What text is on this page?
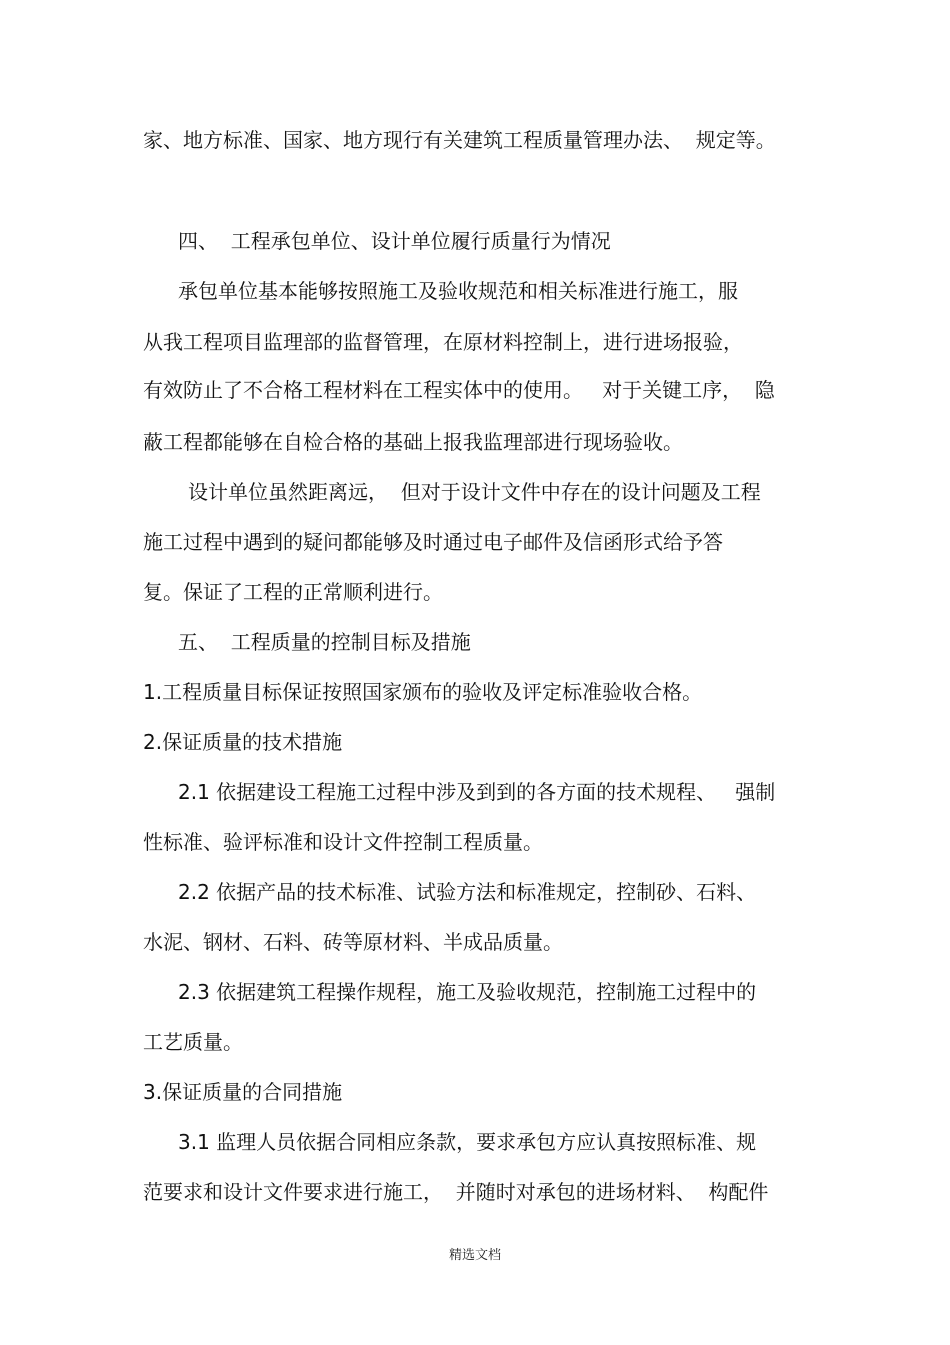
家、地方标准、国家、地方现行有关建筑工程质量管理办法、  规定等。
四、  工程承包单位、设计单位履行质量行为情况
承包单位基本能够按照施工及验收规范和相关标准进行施工，服
从我工程项目监理部的监督管理，在原材料控制上，进行进场报验，
有效防止了不合格工程材料在工程实体中的使用。   对于关键工序，  隐
蔽工程都能够在自检合格的基础上报我监理部进行现场验收。
设计单位虽然距离远，  但对于设计文件中存在的设计问题及工程
施工过程中遇到的疑问都能够及时通过电子邮件及信函形式给予答
复。保证了工程的正常顺利进行。
五、  工程质量的控制目标及措施
1.工程质量目标保证按照国家颁布的验收及评定标准验收合格。
2.保证质量的技术措施
2.1 依据建设工程施工过程中涉及到到的各方面的技术规程、   强制
性标准、验评标准和设计文件控制工程质量。
2.2 依据产品的技术标准、试验方法和标准规定，控制砂、石料、
水泥、钢材、石料、砖等原材料、半成品质量。
2.3 依据建筑工程操作规程，施工及验收规范，控制施工过程中的
工艺质量。
3.保证质量的合同措施
3.1 监理人员依据合同相应条款，要求承包方应认真按照标准、规
范要求和设计文件要求进行施工，  并随时对承包的进场材料、  构配件
精选文档
